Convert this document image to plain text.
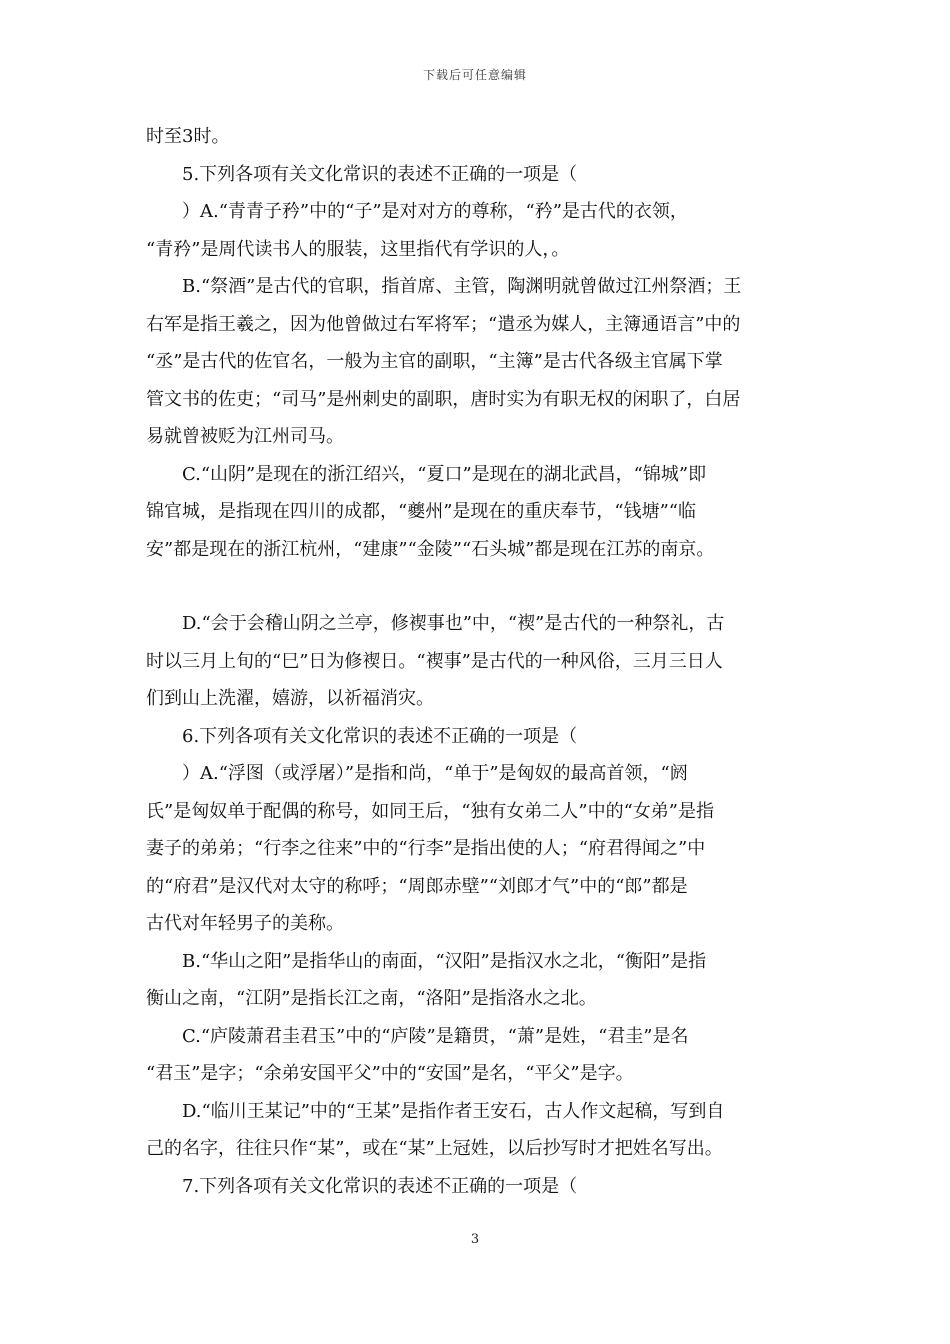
下载后可任意编辑

时至3时。

5.下列各项有关文化常识的表述不正确的一项是（

）A.“青青子矜”中的“子”是对对方的尊称，“矜”是古代的衣领，

“青矜”是周代读书人的服装，这里指代有学识的人，。

B.“祭酒”是古代的官职，指首席、主管，陶渊明就曾做过江州祭酒；王

右军是指王羲之，因为他曾做过右军将军；“遣丞为媒人，主簿通语言”中的

“丞”是古代的佐官名，一般为主官的副职，“主簿”是古代各级主官属下掌

管文书的佐吏；“司马”是州刺史的副职，唐时实为有职无权的闲职了，白居

易就曾被贬为江州司马。

C.“山阴”是现在的浙江绍兴，“夏口”是现在的湖北武昌，“锦城”即

锦官城，是指现在四川的成都，“夔州”是现在的重庆奉节，“钱塘”“临

安”都是现在的浙江杭州，“建康”“金陵”“石头城”都是现在江苏的南京。

D.“会于会稽山阴之兰亭，修褉事也”中，“褉”是古代的一种祭礼，古

时以三月上旬的“巳”日为修褉日。“褉事”是古代的一种风俗，三月三日人

们到山上洗濯，嬉游，以祈福消灾。

6.下列各项有关文化常识的表述不正确的一项是（

）A.“浮图（或浮屠）”是指和尚，“单于”是匈奴的最高首领，“阏

氏”是匈奴单于配偶的称号，如同王后，“独有女弟二人”中的“女弟”是指

妻子的弟弟；“行李之往来”中的“行李”是指出使的人；“府君得闻之”中

的“府君”是汉代对太守的称呼；“周郎赤壁”“刘郎才气”中的“郎”都是

古代对年轻男子的美称。

B.“华山之阳”是指华山的南面，“汉阳”是指汉水之北，“衡阳”是指

衡山之南，“江阴”是指长江之南，“洛阳”是指洛水之北。

C.“庐陵萧君圭君玉”中的“庐陵”是籍贯，“萧”是姓，“君圭”是名

“君玉”是字；“余弟安国平父”中的“安国”是名，“平父”是字。

D.“临川王某记”中的“王某”是指作者王安石，古人作文起稿，写到自

己的名字，往往只作“某”，或在“某”上冠姓，以后抄写时才把姓名写出。

7.下列各项有关文化常识的表述不正确的一项是（

3
